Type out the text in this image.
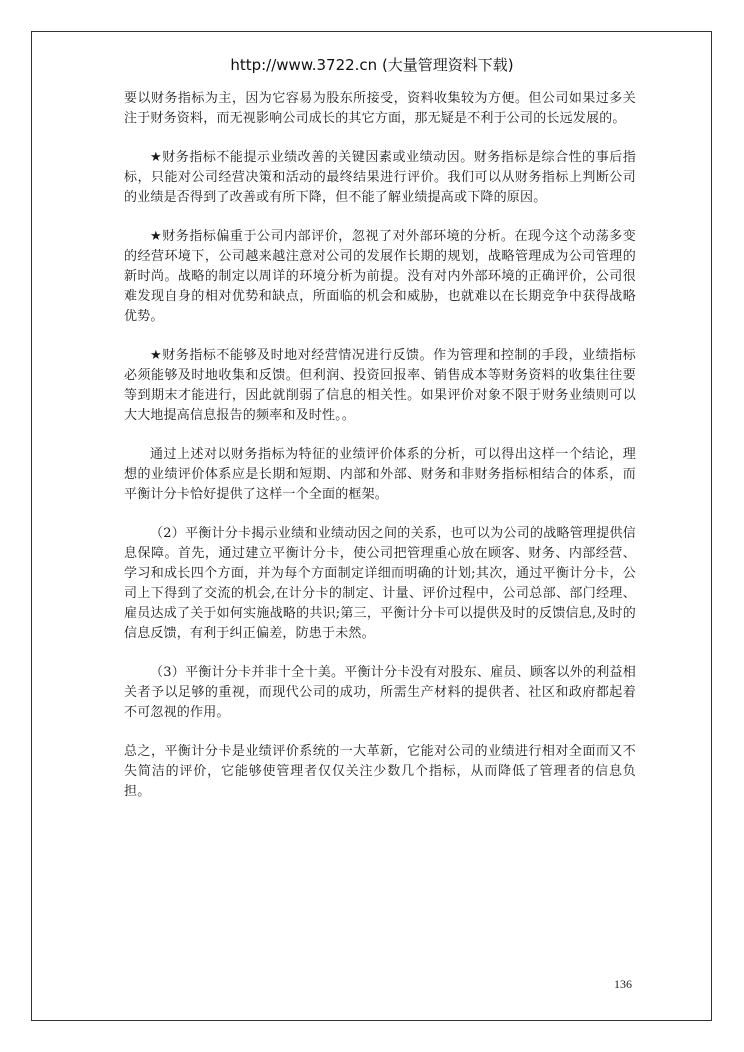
http://www.3722.cn (大量管理资料下载)

要以财务指标为主，因为它容易为股东所接受，资料收集较为方便。但公司如果过多关注于财务资料，而无视影响公司成长的其它方面，那无疑是不利于公司的长远发展的。

★财务指标不能提示业绩改善的关键因素或业绩动因。财务指标是综合性的事后指标，只能对公司经营决策和活动的最终结果进行评价。我们可以从财务指标上判断公司的业绩是否得到了改善或有所下降，但不能了解业绩提高或下降的原因。

★财务指标偏重于公司内部评价，忽视了对外部环境的分析。在现今这个动荡多变的经营环境下，公司越来越注意对公司的发展作长期的规划，战略管理成为公司管理的新时尚。战略的制定以周详的环境分析为前提。没有对内外部环境的正确评价，公司很难发现自身的相对优势和缺点，所面临的机会和威胁，也就难以在长期竞争中获得战略优势。

★财务指标不能够及时地对经营情况进行反馈。作为管理和控制的手段，业绩指标必须能够及时地收集和反馈。但利润、投资回报率、销售成本等财务资料的收集往往要等到期末才能进行，因此就削弱了信息的相关性。如果评价对象不限于财务业绩则可以大大地提高信息报告的频率和及时性。。

通过上述对以财务指标为特征的业绩评价体系的分析，可以得出这样一个结论，理想的业绩评价体系应是长期和短期、内部和外部、财务和非财务指标相结合的体系，而平衡计分卡恰好提供了这样一个全面的框架。

（2）平衡计分卡揭示业绩和业绩动因之间的关系，也可以为公司的战略管理提供信息保障。首先，通过建立平衡计分卡，使公司把管理重心放在顾客、财务、内部经营、学习和成长四个方面，并为每个方面制定详细而明确的计划;其次，通过平衡计分卡，公司上下得到了交流的机会,在计分卡的制定、计量、评价过程中，公司总部、部门经理、雇员达成了关于如何实施战略的共识;第三，平衡计分卡可以提供及时的反馈信息,及时的信息反馈，有利于纠正偏差，防患于未然。

（3）平衡计分卡并非十全十美。平衡计分卡没有对股东、雇员、顾客以外的利益相关者予以足够的重视，而现代公司的成功，所需生产材料的提供者、社区和政府都起着不可忽视的作用。

总之，平衡计分卡是业绩评价系统的一大革新，它能对公司的业绩进行相对全面而又不失简洁的评价，它能够使管理者仅仅关注少数几个指标，从而降低了管理者的信息负担。

136
